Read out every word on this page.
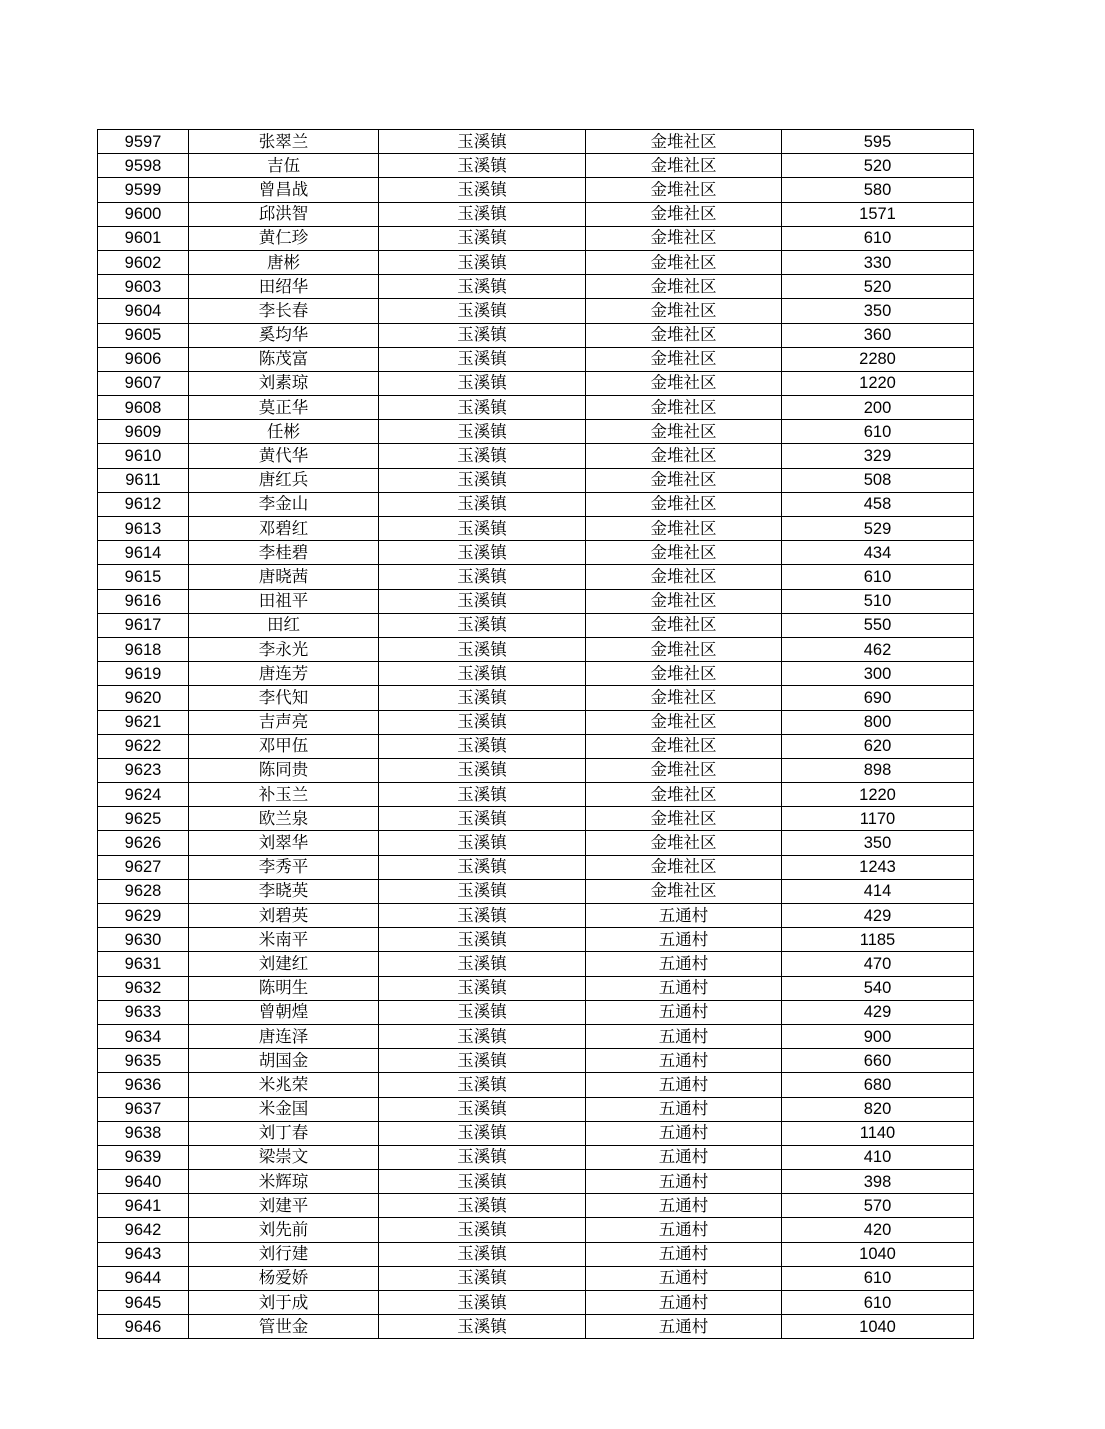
9597	张翠兰	玉溪镇	金堆社区	595
9598	吉伍	玉溪镇	金堆社区	520
9599	曾昌战	玉溪镇	金堆社区	580
9600	邱洪智	玉溪镇	金堆社区	1571
9601	黄仁珍	玉溪镇	金堆社区	610
9602	唐彬	玉溪镇	金堆社区	330
9603	田绍华	玉溪镇	金堆社区	520
9604	李长春	玉溪镇	金堆社区	350
9605	奚均华	玉溪镇	金堆社区	360
9606	陈茂富	玉溪镇	金堆社区	2280
9607	刘素琼	玉溪镇	金堆社区	1220
9608	莫正华	玉溪镇	金堆社区	200
9609	任彬	玉溪镇	金堆社区	610
9610	黄代华	玉溪镇	金堆社区	329
9611	唐红兵	玉溪镇	金堆社区	508
9612	李金山	玉溪镇	金堆社区	458
9613	邓碧红	玉溪镇	金堆社区	529
9614	李桂碧	玉溪镇	金堆社区	434
9615	唐晓茜	玉溪镇	金堆社区	610
9616	田祖平	玉溪镇	金堆社区	510
9617	田红	玉溪镇	金堆社区	550
9618	李永光	玉溪镇	金堆社区	462
9619	唐连芳	玉溪镇	金堆社区	300
9620	李代知	玉溪镇	金堆社区	690
9621	吉声亮	玉溪镇	金堆社区	800
9622	邓甲伍	玉溪镇	金堆社区	620
9623	陈同贵	玉溪镇	金堆社区	898
9624	补玉兰	玉溪镇	金堆社区	1220
9625	欧兰泉	玉溪镇	金堆社区	1170
9626	刘翠华	玉溪镇	金堆社区	350
9627	李秀平	玉溪镇	金堆社区	1243
9628	李晓英	玉溪镇	金堆社区	414
9629	刘碧英	玉溪镇	五通村	429
9630	米南平	玉溪镇	五通村	1185
9631	刘建红	玉溪镇	五通村	470
9632	陈明生	玉溪镇	五通村	540
9633	曾朝煌	玉溪镇	五通村	429
9634	唐连泽	玉溪镇	五通村	900
9635	胡国金	玉溪镇	五通村	660
9636	米兆荣	玉溪镇	五通村	680
9637	米金国	玉溪镇	五通村	820
9638	刘丁春	玉溪镇	五通村	1140
9639	梁崇文	玉溪镇	五通村	410
9640	米辉琼	玉溪镇	五通村	398
9641	刘建平	玉溪镇	五通村	570
9642	刘先前	玉溪镇	五通村	420
9643	刘行建	玉溪镇	五通村	1040
9644	杨爱娇	玉溪镇	五通村	610
9645	刘于成	玉溪镇	五通村	610
9646	管世金	玉溪镇	五通村	1040
